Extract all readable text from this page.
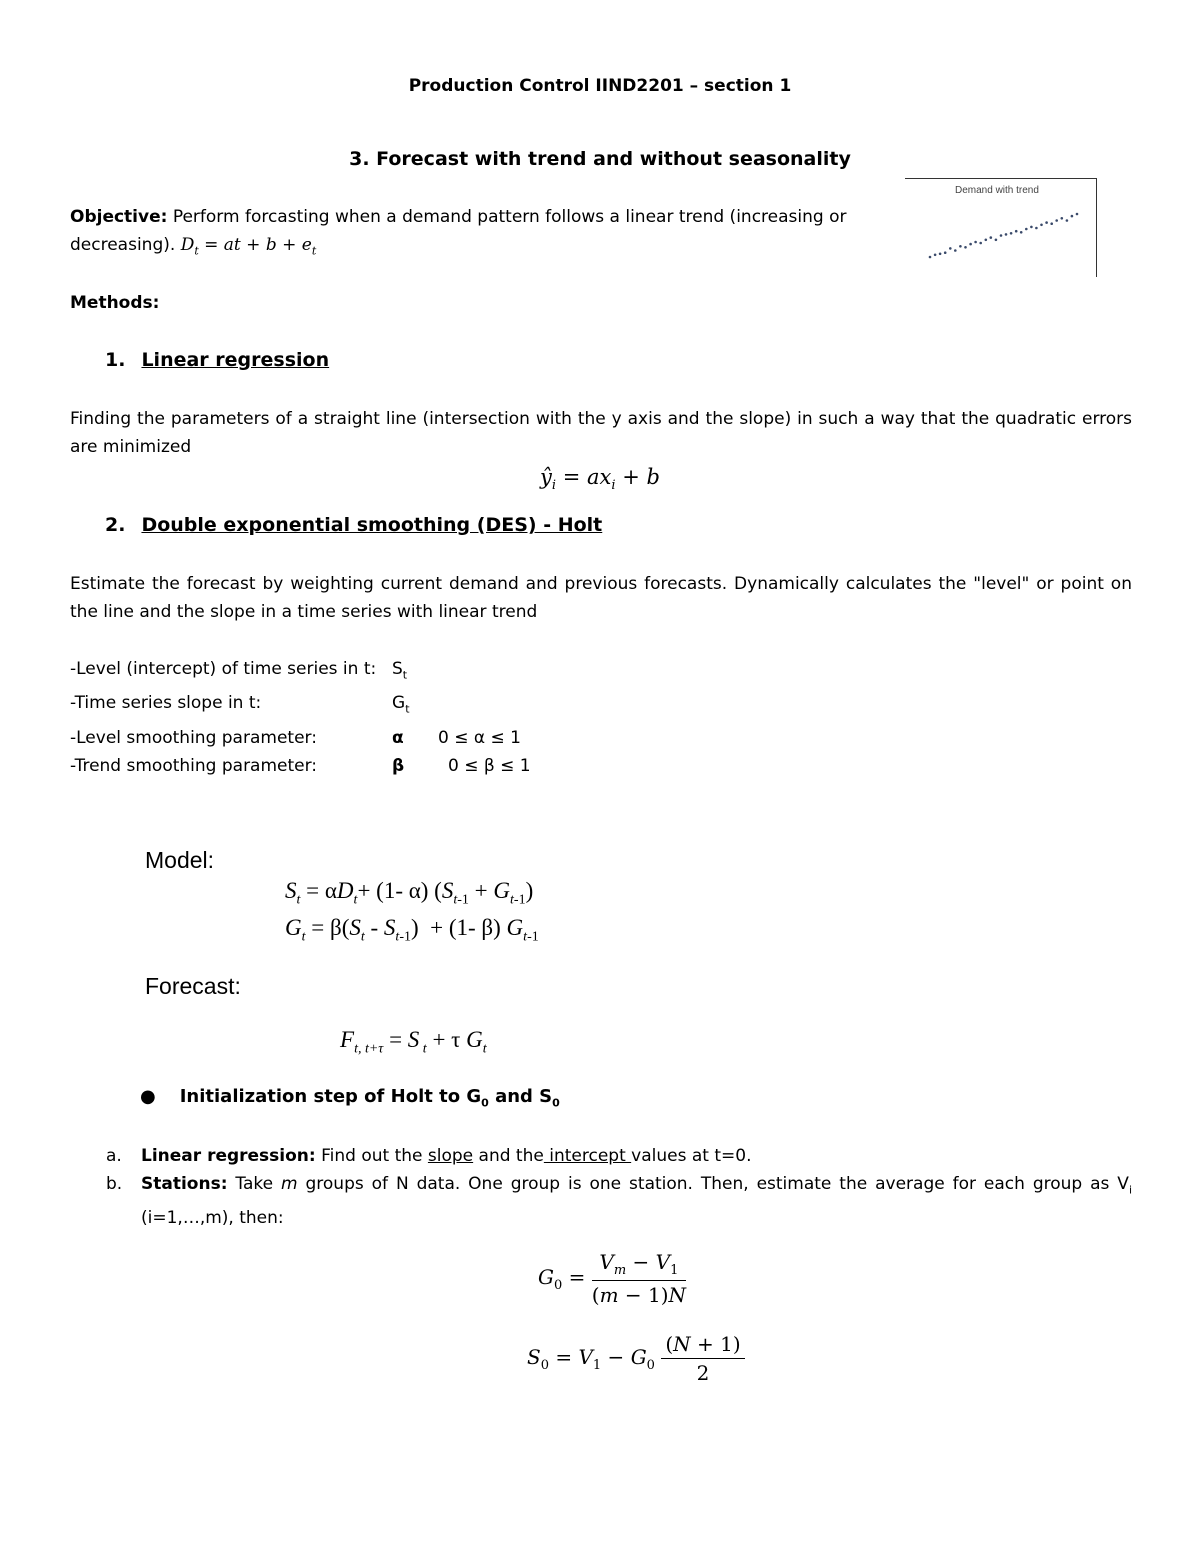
Production Control IIND2201 – section 1
3. Forecast with trend and without seasonality
Demand with trend
Objective: Perform forcasting when a demand pattern follows a linear trend (increasing or
decreasing). $D_t$ = at + $b + e_t$
Methods:
1. Linear regression
Finding the parameters of a straight line (intersection with the y axis and the slope) in such a way that the quadratic errors are minimized
$ŷ_i = ax_i + b$
2. Double exponential smoothing (DES) - Holt
Estimate the forecast by weighting current demand and previous forecasts. Dynamically calculates the "level" or point on the line and the slope in a time series with linear trend
-Level (intercept) of time series in t:	$S_t$	
-Time series slope in t:	$G_t$	
-Level smoothing parameter:	α	0 ≤ α ≤ 1
-Trend smoothing parameter:	β	0 ≤ β ≤ 1
Model:
$S_t = \alpha D_t+ (1-$ α) $(S_{t-1} + G_{t-1})$
$G_t = \beta(S_t - S_{t-1}) + (1-$ β) $G_{t-1}$
Forecast:
$F_{t, t+\tau} = S$ $_t$ + τ $G_t$
● Initialization step of Holt to $G_0$ and $S_0$
a. Linear regression: Find out the slope and the intercept values at t=0.
b.	Stations: Take m groups of N data. One group is one station. Then, estimate the average for each group as $V_i$ (i=1,…,m), then:
$G_0 = \frac{V_m - V_1}{(m - 1)N}$
$S_0 = V_1 - G_0 \frac{(N + 1)}{2}$
